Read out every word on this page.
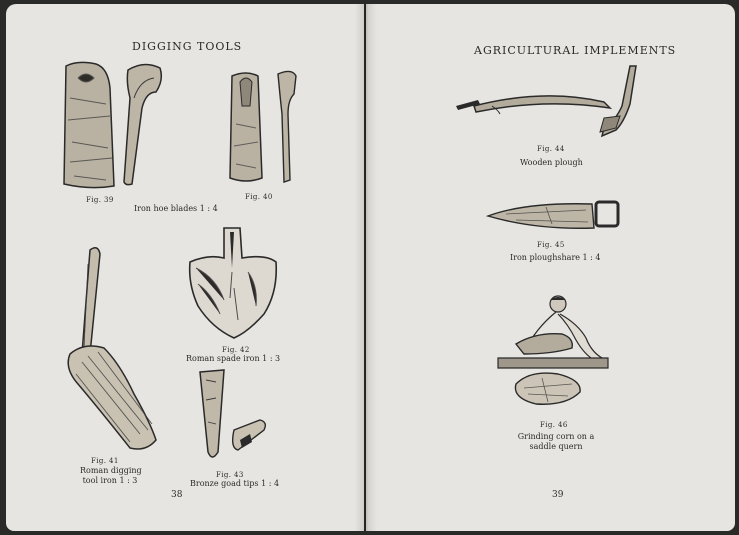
DIGGING TOOLS
Fig. 39	Fig. 40
Iron hoe blades 1 : 4
Fig. 41
Roman digging
tool iron 1 : 3
Fig. 42
Roman spade iron 1 : 3
Fig. 43
Bronze goad tips 1 : 4
38
AGRICULTURAL IMPLEMENTS
Fig. 44
Wooden plough
Fig. 45
Iron ploughshare 1 : 4
Fig. 46
Grinding corn on a
saddle quern
39
